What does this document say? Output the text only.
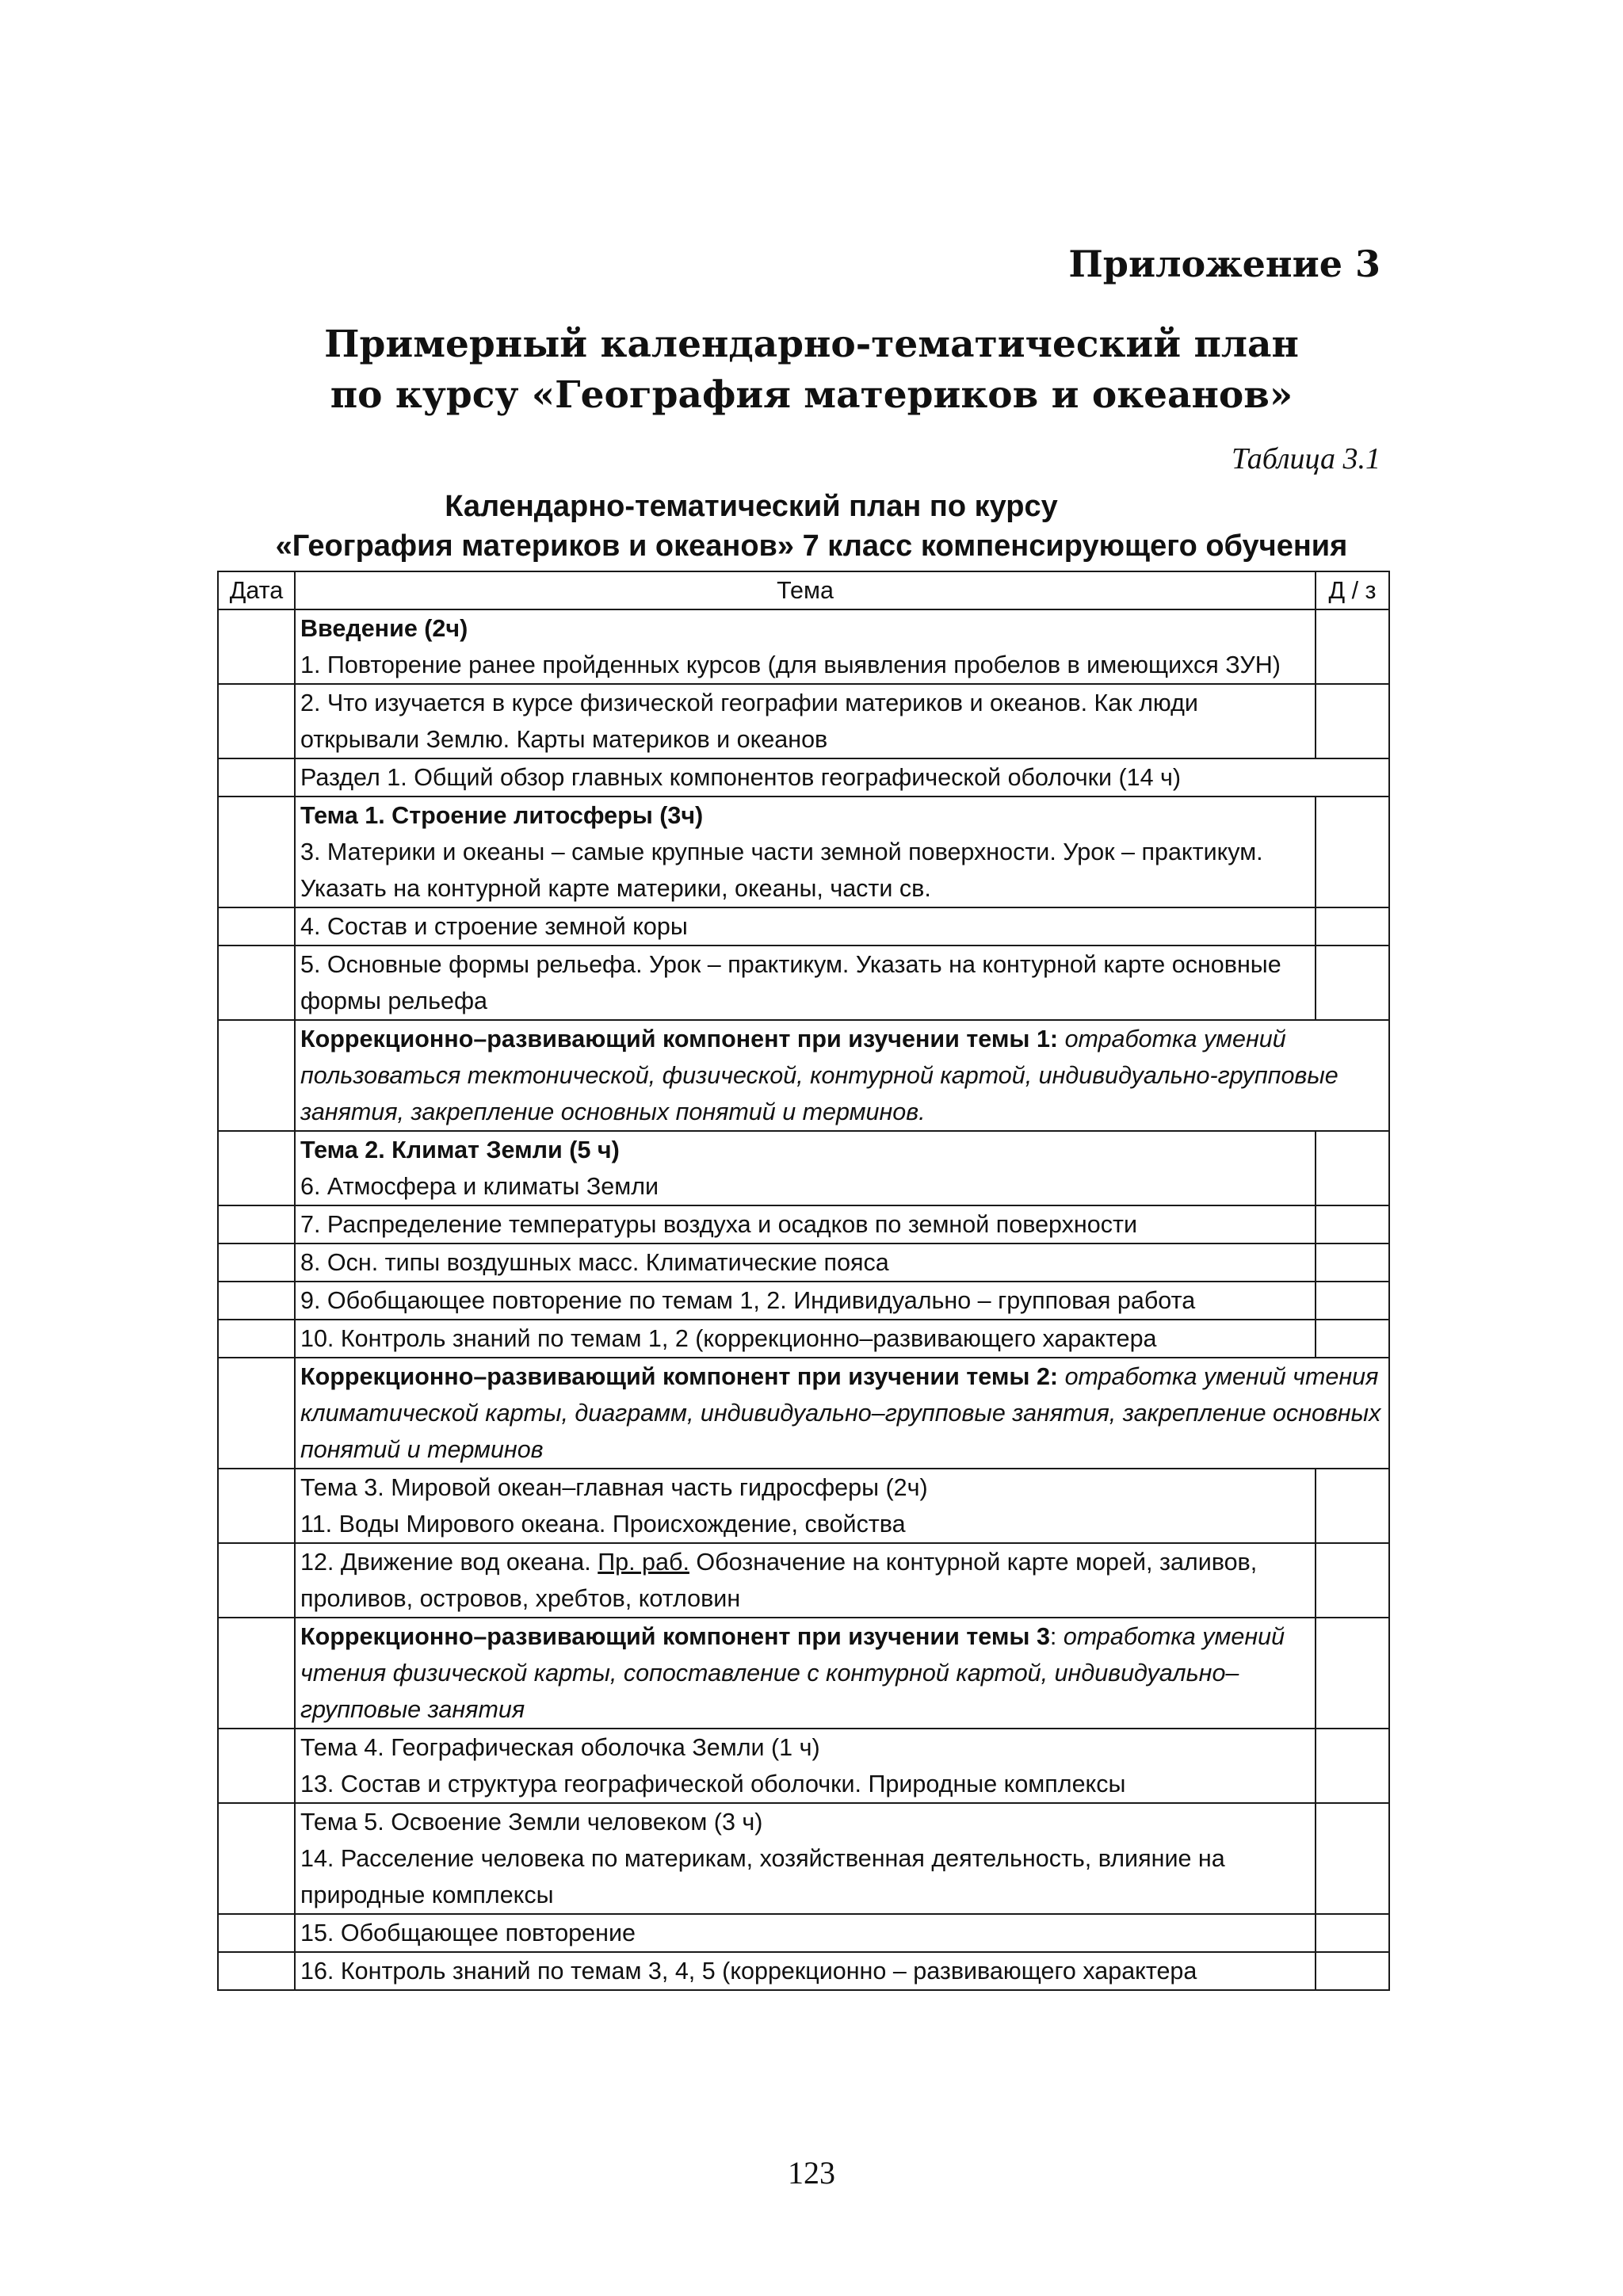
Приложение 3
Примерный календарно-тематический план
по курсу «География материков и океанов»

Таблица 3.1

Календарно-тематический план по курсу

«География материков и океанов» 7 класс компенсирующего обучения

Дата	Тема	Д / з

	Введение (2ч)
1. Повторение ранее пройденных курсов (для выявления пробелов в имеющихся ЗУН)	

	2. Что изучается в курсе физической географии материков и океанов. Как люди открывали Землю. Карты материков и океанов	
	Раздел 1. Общий обзор главных компонентов географической оболочки (14 ч)	

	Тема 1. Строение литосферы (3ч)
3. Материки и океаны – самые крупные части земной поверхности. Урок – практикум. Указать на контурной карте материки, океаны, части св.	

	4. Состав и строение земной коры	
	5. Основные формы рельефа. Урок – практикум. Указать на контурной карте основные формы рельефа	
	Коррекционно–развивающий компонент при изучении темы 1: отработка умений пользоваться тектонической, физической, контурной картой, индивидуально-групповые занятия, закрепление основных понятий и терминов.	

	Тема 2. Климат Земли (5 ч)
6. Атмосфера и климаты Земли	

	7. Распределение температуры воздуха и осадков по земной поверхности	
	8. Осн. типы воздушных масс. Климатические пояса	
	9. Обобщающее повторение по темам 1, 2. Индивидуально – групповая работа	
	10. Контроль знаний по темам 1, 2 (коррекционно–развивающего характера	
	Коррекционно–развивающий компонент при изучении темы 2: отработка умений чтения климатической карты, диаграмм, индивидуально–групповые занятия, закрепление основных понятий и терминов	

	Тема 3. Мировой океан–главная часть гидросферы (2ч)
11. Воды Мирового океана. Происхождение, свойства	

	12. Движение вод океана. Пр. раб. Обозначение на контурной карте морей, заливов, проливов, островов, хребтов, котловин	
	Коррекционно–развивающий компонент при изучении темы 3: отработка умений чтения физической карты, сопоставление с контурной картой, индивидуально–групповые занятия	

	Тема 4. Географическая оболочка Земли (1 ч)
13. Состав и структура географической оболочки. Природные комплексы	

	Тема 5. Освоение Земли человеком (3 ч)
14. Расселение человека по материкам, хозяйственная деятельность, влияние на природные комплексы	

	15. Обобщающее повторение	
	16. Контроль знаний по темам 3, 4, 5 (коррекционно – развивающего характера	

123
